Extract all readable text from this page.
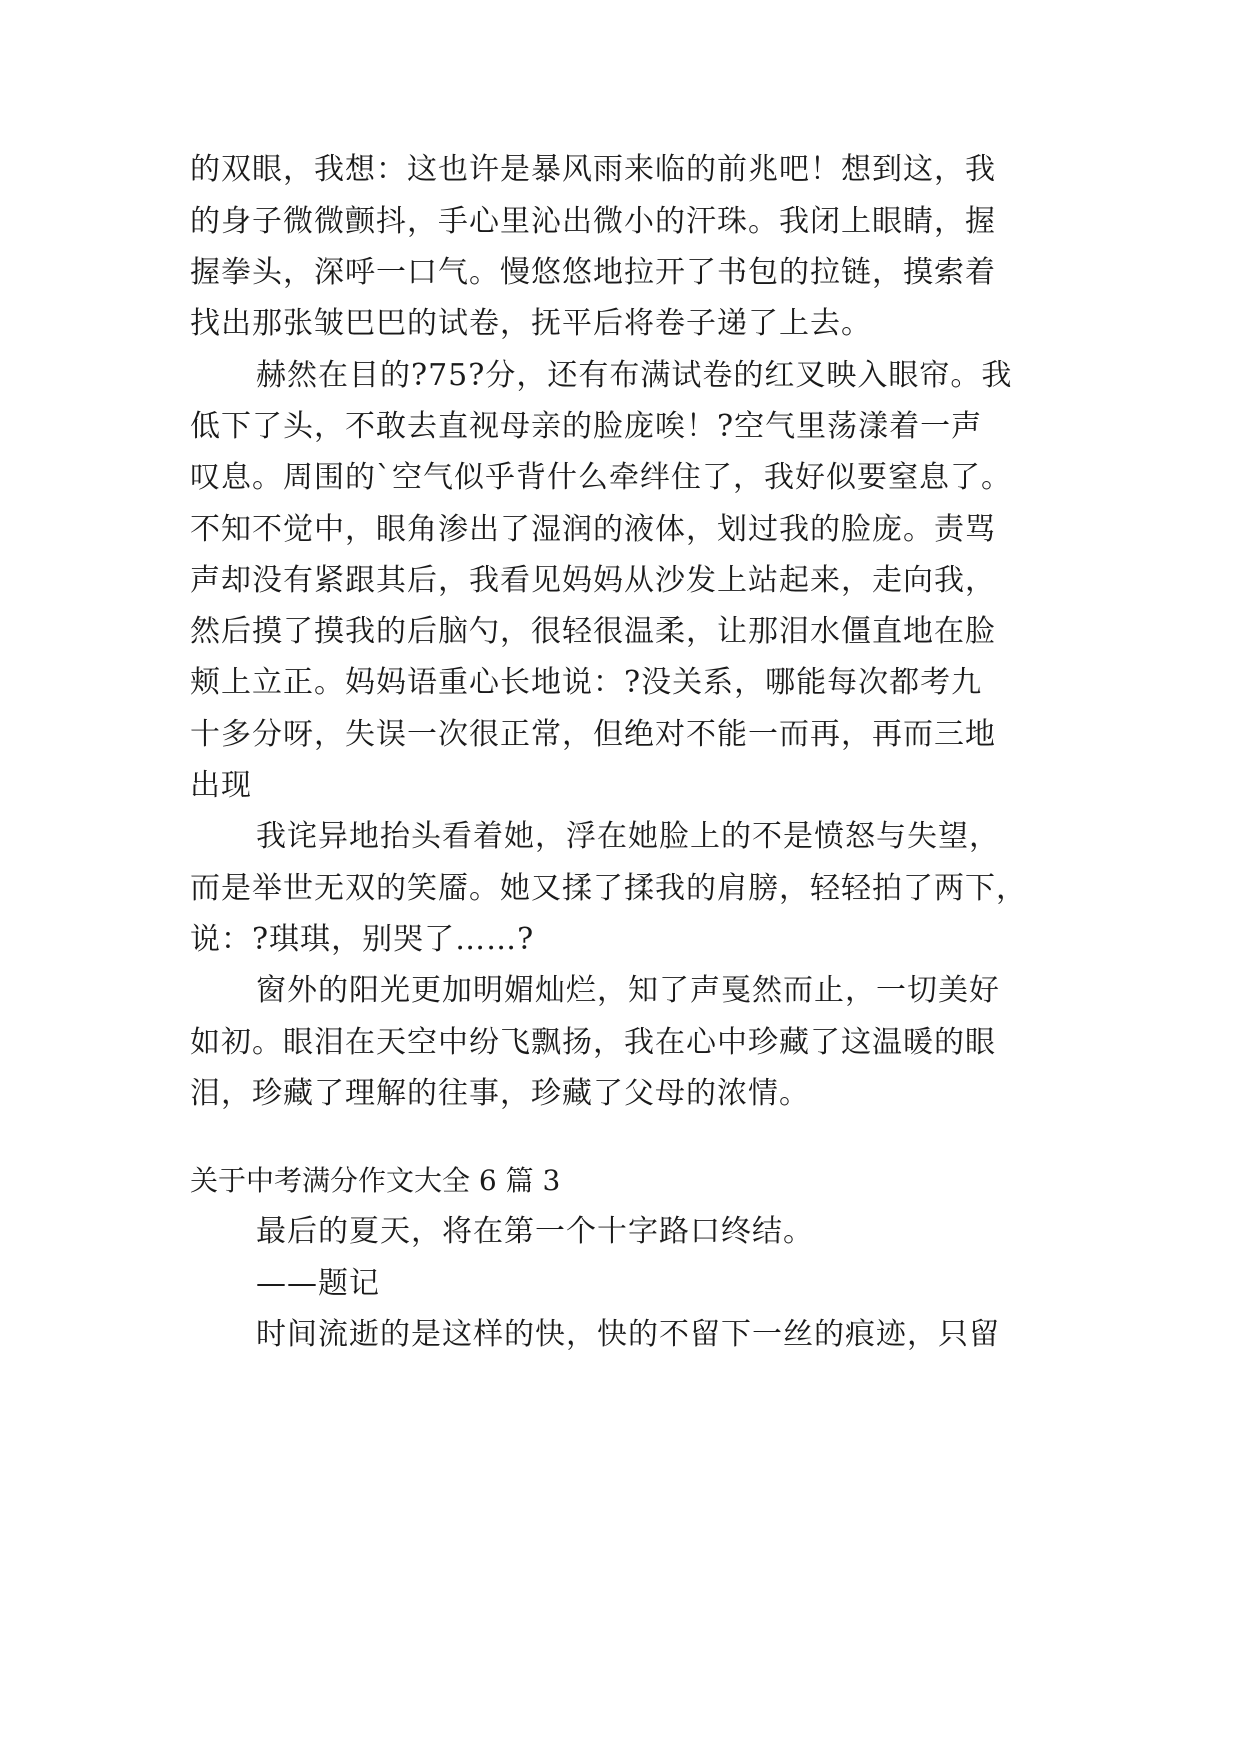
的双眼，我想：这也许是暴风雨来临的前兆吧！想到这，我
的身子微微颤抖，手心里沁出微小的汗珠。我闭上眼睛，握
握拳头，深呼一口气。慢悠悠地拉开了书包的拉链，摸索着
找出那张皱巴巴的试卷，抚平后将卷子递了上去。
赫然在目的?75?分，还有布满试卷的红叉映入眼帘。我
低下了头，不敢去直视母亲的脸庞唉！?空气里荡漾着一声
叹息。周围的`空气似乎背什么牵绊住了，我好似要窒息了。
不知不觉中，眼角渗出了湿润的液体，划过我的脸庞。责骂
声却没有紧跟其后，我看见妈妈从沙发上站起来，走向我，
然后摸了摸我的后脑勺，很轻很温柔，让那泪水僵直地在脸
颊上立正。妈妈语重心长地说：?没关系，哪能每次都考九
十多分呀，失误一次很正常，但绝对不能一而再，再而三地
出现
我诧异地抬头看着她，浮在她脸上的不是愤怒与失望，
而是举世无双的笑靥。她又揉了揉我的肩膀，轻轻拍了两下，
说：?琪琪，别哭了……?
窗外的阳光更加明媚灿烂，知了声戛然而止，一切美好
如初。眼泪在天空中纷飞飘扬，我在心中珍藏了这温暖的眼
泪，珍藏了理解的往事，珍藏了父母的浓情。
关于中考满分作文大全 6 篇 3
最后的夏天，将在第一个十字路口终结。
——题记
时间流逝的是这样的快，快的不留下一丝的痕迹，只留
